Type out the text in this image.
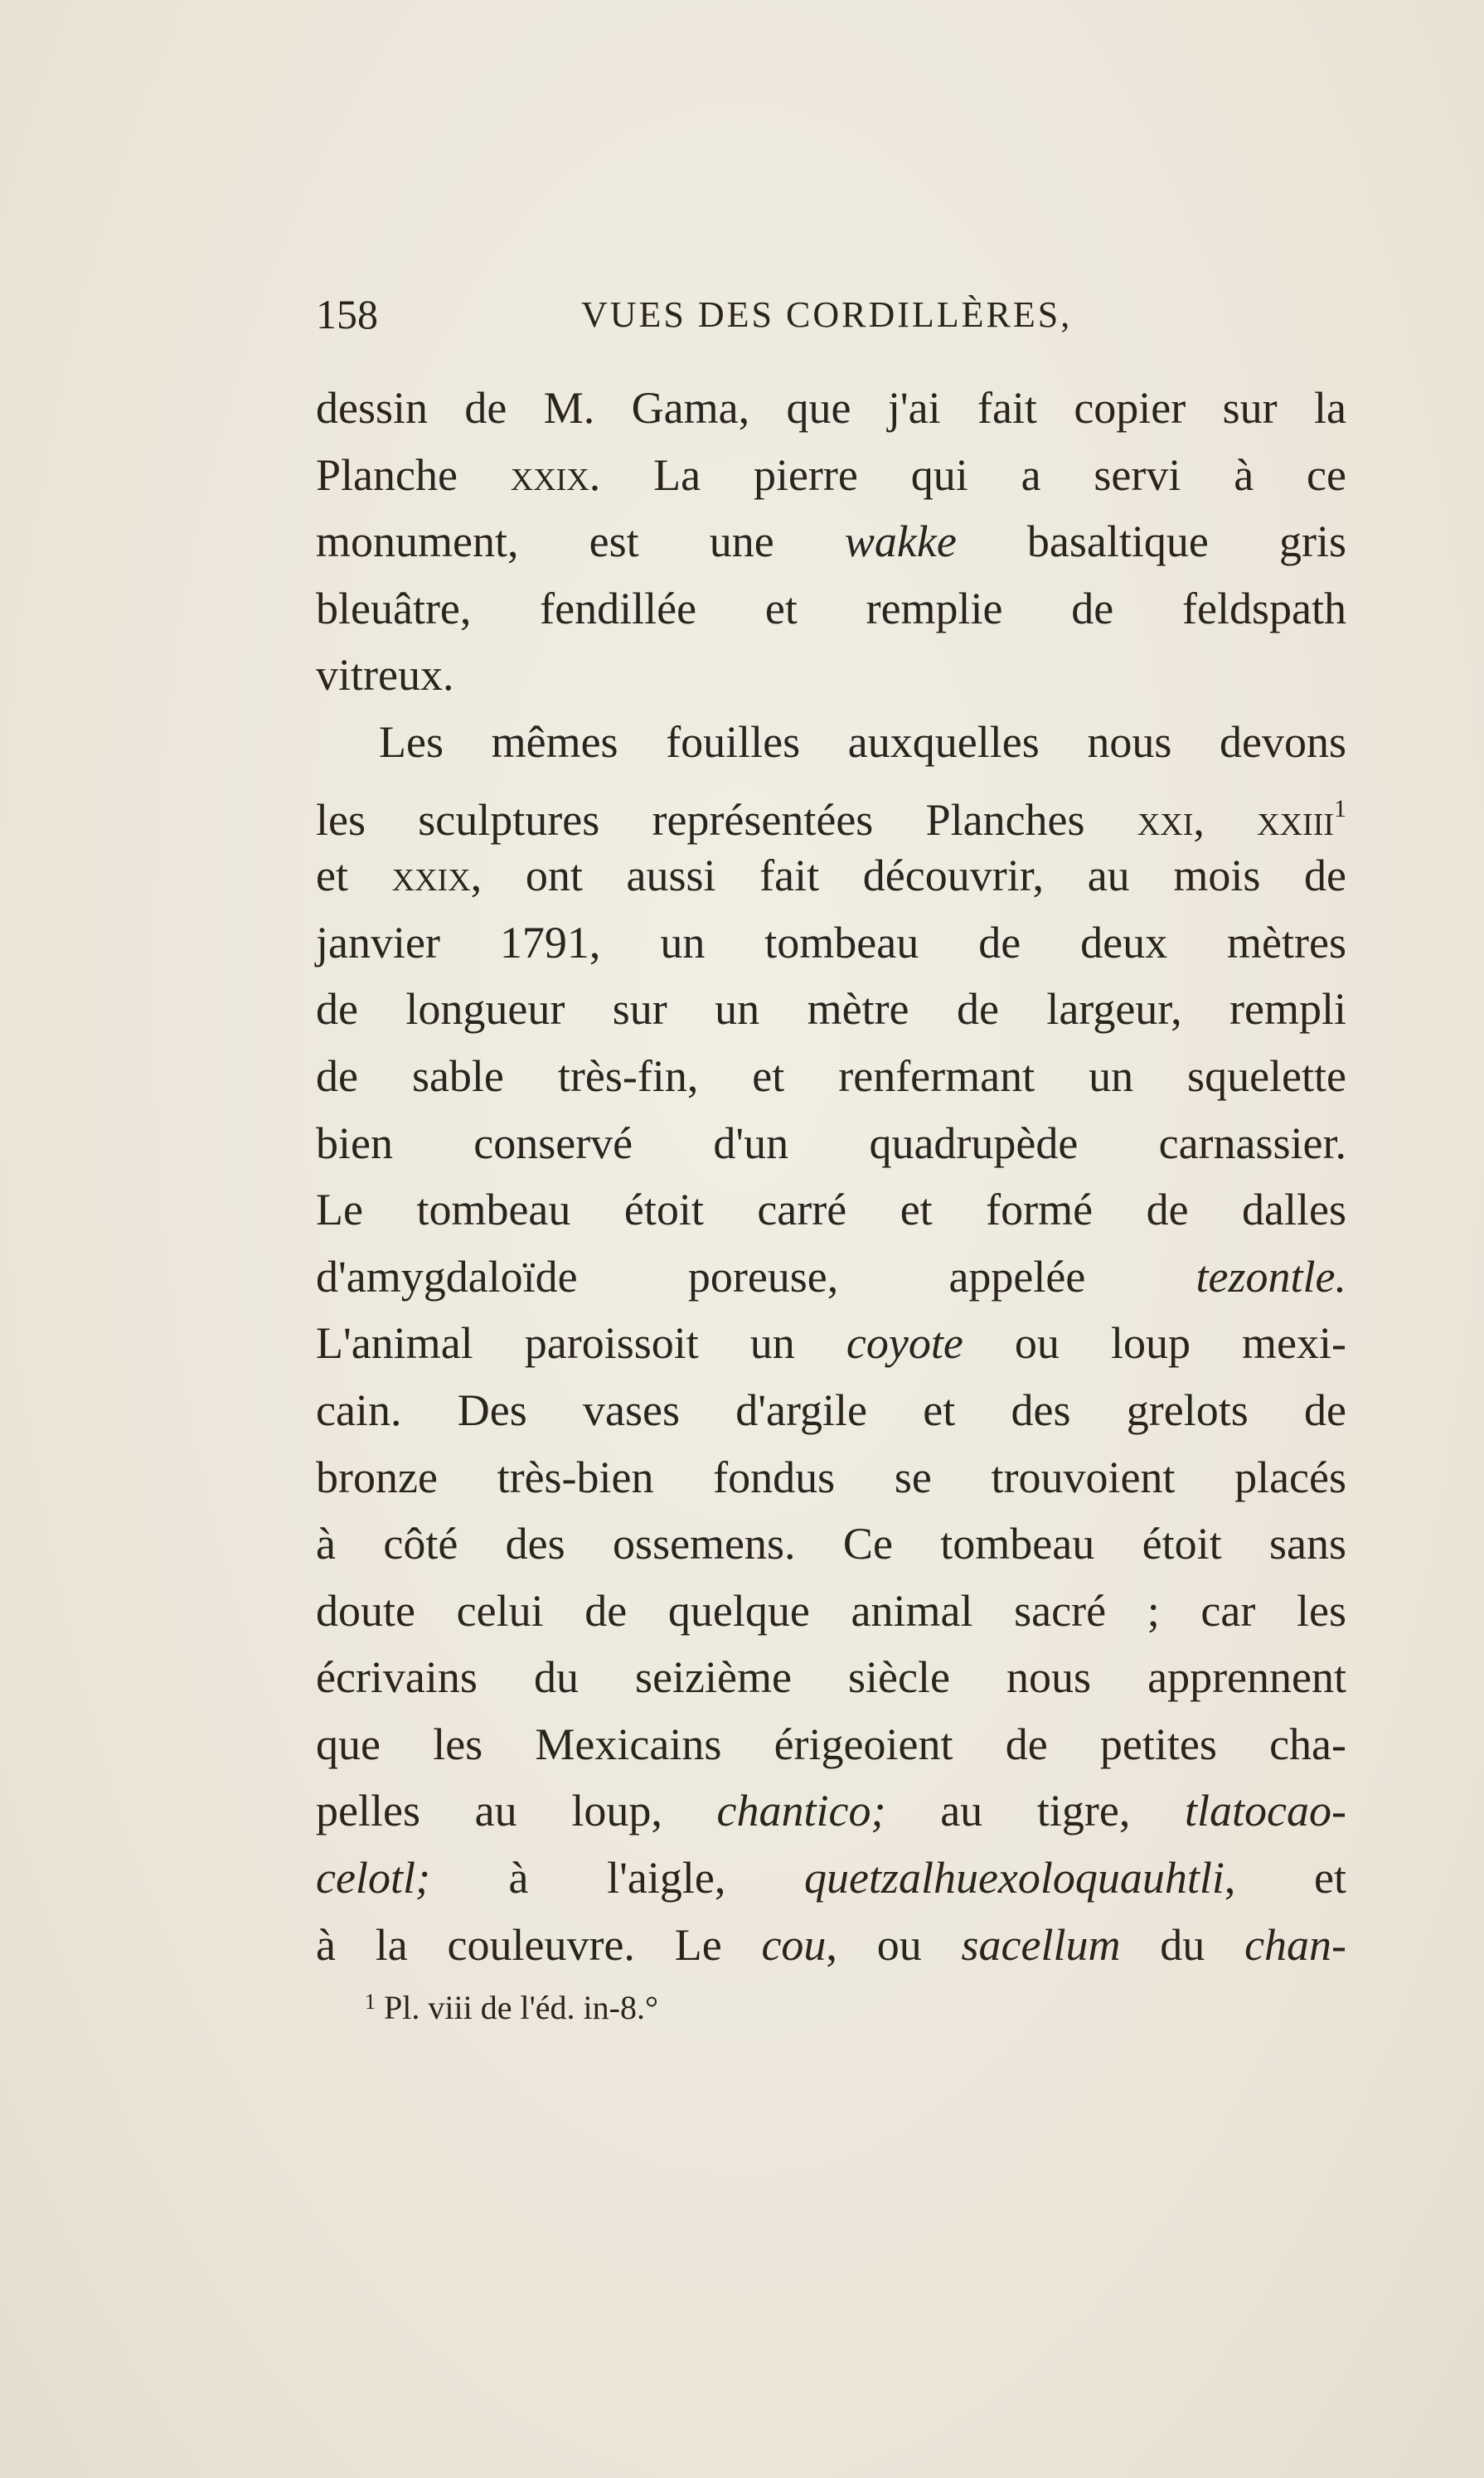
158	VUES DES CORDILLÈRES,
dessin de M. Gama, que j'ai fait copier sur la
Planche xxix. La pierre qui a servi à ce
monument, est une wakke basaltique gris
bleuâtre, fendillée et remplie de feldspath
vitreux.
Les mêmes fouilles auxquelles nous devons
les sculptures représentées Planches xxi, xxiii$^1$
et xxix, ont aussi fait découvrir, au mois de
janvier 1791, un tombeau de deux mètres
de longueur sur un mètre de largeur, rempli
de sable très-fin, et renfermant un squelette
bien conservé d'un quadrupède carnassier.
Le tombeau étoit carré et formé de dalles
d'amygdaloïde poreuse, appelée tezontle.
L'animal paroissoit un coyote ou loup mexi-
cain. Des vases d'argile et des grelots de
bronze très-bien fondus se trouvoient placés
à côté des ossemens. Ce tombeau étoit sans
doute celui de quelque animal sacré ; car les
écrivains du seizième siècle nous apprennent
que les Mexicains érigeoient de petites cha-
pelles au loup, chantico; au tigre, tlatocao-
celotl; à l'aigle, quetzalhuexoloquauhtli, et
à la couleuvre. Le cou, ou sacellum du chan-
$^1$ Pl. viii de l'éd. in-8.°
